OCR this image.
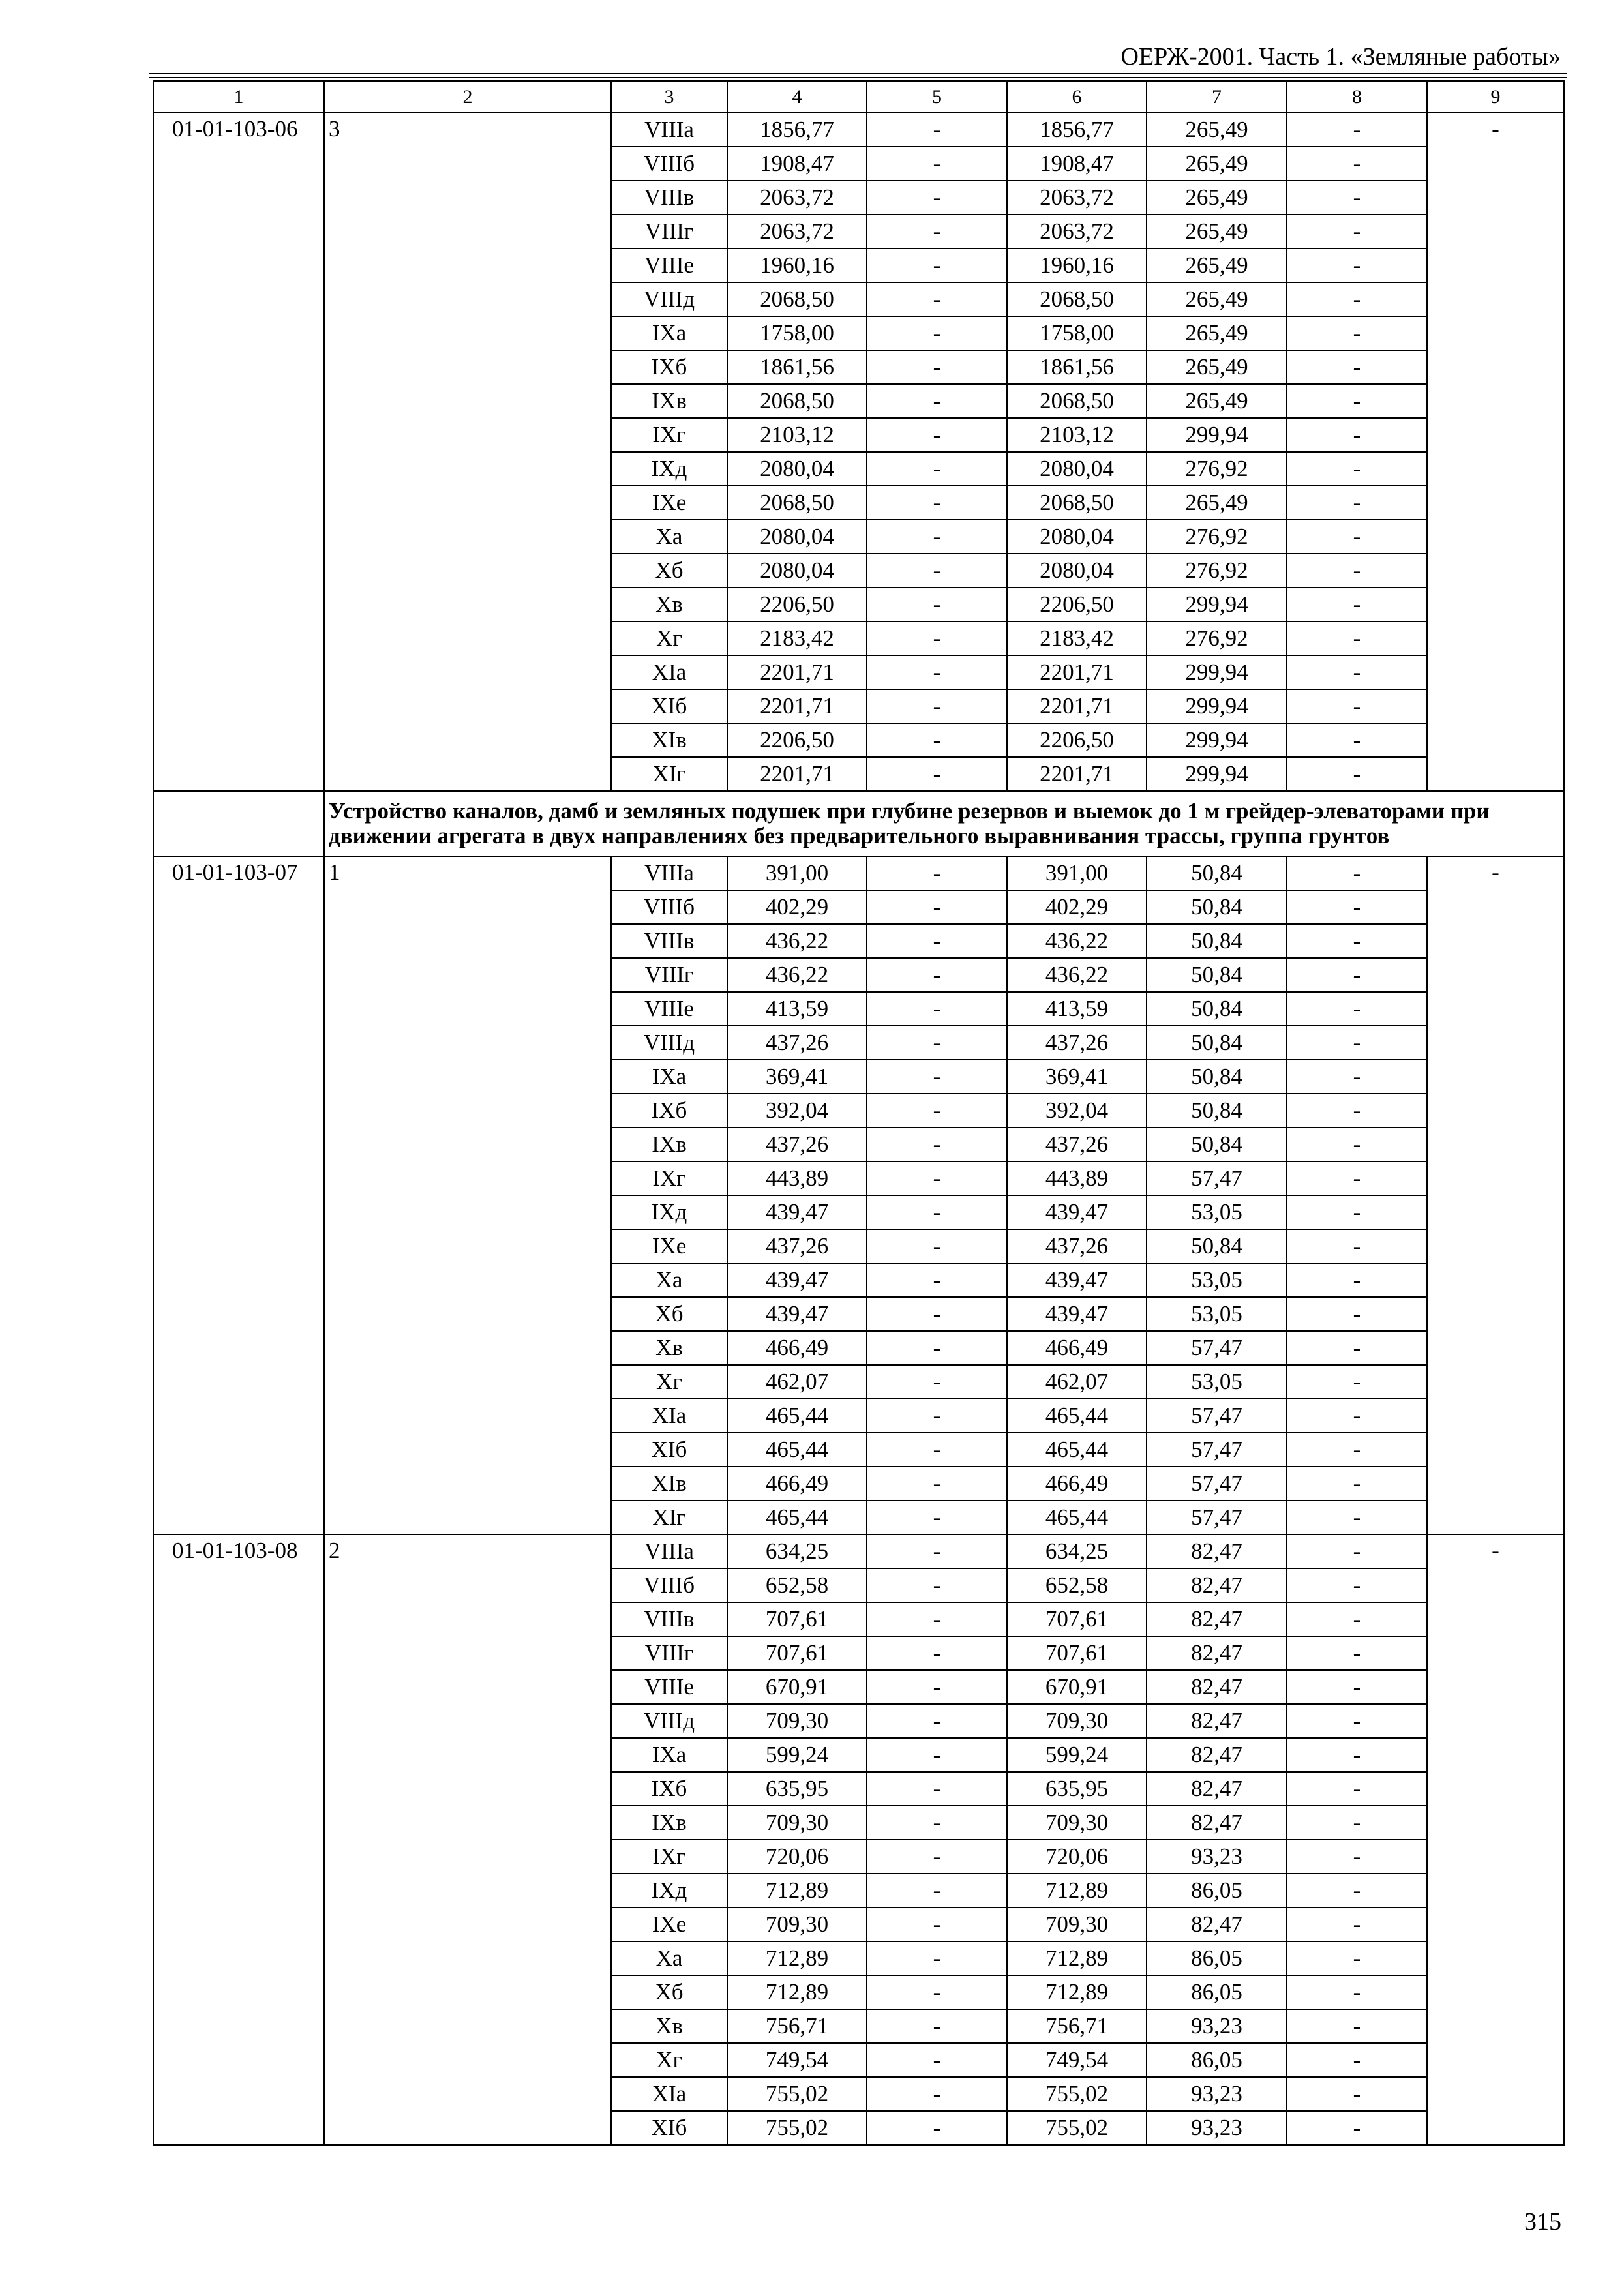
ОЕРЖ-2001. Часть 1. «Земляные работы»
1	2	3	4	5	6	7	8	9
01-01-103-06	3	VIIIа	1856,77	-	1856,77	265,49	-	-
		VIIIб	1908,47	-	1908,47	265,49	-	
		VIIIв	2063,72	-	2063,72	265,49	-	
		VIIIг	2063,72	-	2063,72	265,49	-	
		VIIIе	1960,16	-	1960,16	265,49	-	
		VIIIд	2068,50	-	2068,50	265,49	-	
		IXа	1758,00	-	1758,00	265,49	-	
		IXб	1861,56	-	1861,56	265,49	-	
		IXв	2068,50	-	2068,50	265,49	-	
		IXг	2103,12	-	2103,12	299,94	-	
		IXд	2080,04	-	2080,04	276,92	-	
		IXе	2068,50	-	2068,50	265,49	-	
		Xа	2080,04	-	2080,04	276,92	-	
		Xб	2080,04	-	2080,04	276,92	-	
		Xв	2206,50	-	2206,50	299,94	-	
		Xг	2183,42	-	2183,42	276,92	-	
		XIа	2201,71	-	2201,71	299,94	-	
		XIб	2201,71	-	2201,71	299,94	-	
		XIв	2206,50	-	2206,50	299,94	-	
		XIг	2201,71	-	2201,71	299,94	-	
	Устройство каналов, дамб и земляных подушек при глубине резервов и выемок до 1 м грейдер-элеваторами при движении агрегата в двух направлениях без предварительного выравнивания трассы, группа грунтов							
01-01-103-07	1	VIIIа	391,00	-	391,00	50,84	-	-
		VIIIб	402,29	-	402,29	50,84	-	
		VIIIв	436,22	-	436,22	50,84	-	
		VIIIг	436,22	-	436,22	50,84	-	
		VIIIе	413,59	-	413,59	50,84	-	
		VIIIд	437,26	-	437,26	50,84	-	
		IXа	369,41	-	369,41	50,84	-	
		IXб	392,04	-	392,04	50,84	-	
		IXв	437,26	-	437,26	50,84	-	
		IXг	443,89	-	443,89	57,47	-	
		IXд	439,47	-	439,47	53,05	-	
		IXе	437,26	-	437,26	50,84	-	
		Xа	439,47	-	439,47	53,05	-	
		Xб	439,47	-	439,47	53,05	-	
		Xв	466,49	-	466,49	57,47	-	
		Xг	462,07	-	462,07	53,05	-	
		XIа	465,44	-	465,44	57,47	-	
		XIб	465,44	-	465,44	57,47	-	
		XIв	466,49	-	466,49	57,47	-	
		XIг	465,44	-	465,44	57,47	-	
01-01-103-08	2	VIIIа	634,25	-	634,25	82,47	-	-
		VIIIб	652,58	-	652,58	82,47	-	
		VIIIв	707,61	-	707,61	82,47	-	
		VIIIг	707,61	-	707,61	82,47	-	
		VIIIе	670,91	-	670,91	82,47	-	
		VIIIд	709,30	-	709,30	82,47	-	
		IXа	599,24	-	599,24	82,47	-	
		IXб	635,95	-	635,95	82,47	-	
		IXв	709,30	-	709,30	82,47	-	
		IXг	720,06	-	720,06	93,23	-	
		IXд	712,89	-	712,89	86,05	-	
		IXе	709,30	-	709,30	82,47	-	
		Xа	712,89	-	712,89	86,05	-	
		Xб	712,89	-	712,89	86,05	-	
		Xв	756,71	-	756,71	93,23	-	
		Xг	749,54	-	749,54	86,05	-	
		XIа	755,02	-	755,02	93,23	-	
		XIб	755,02	-	755,02	93,23	-	
315
